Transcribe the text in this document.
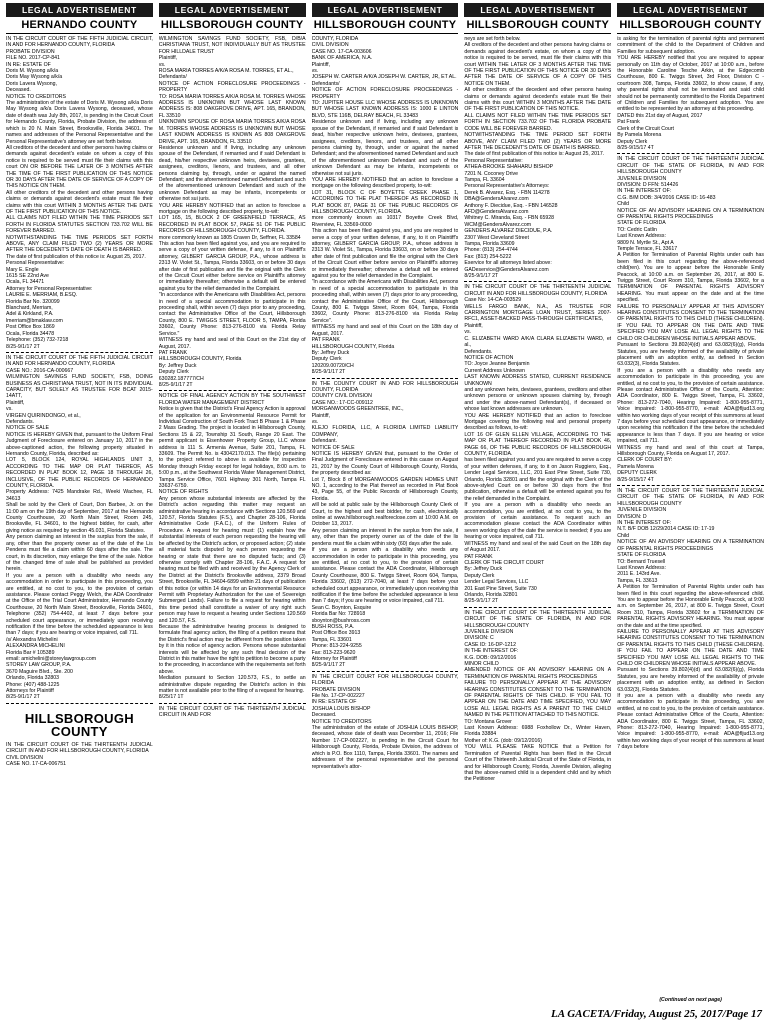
LEGAL ADVERTISEMENT
HERNANDO COUNTY

IN THE CIRCUIT COURT OF THE FIFTH JUDICIAL CIRCUIT, IN AND FOR HERNANDO COUNTY, FLORIDA
PROBATE DIVISION
FILE NO. 2017-CP-841
IN RE: ESTATE OF
Doris M. Wysong a/k/a
Doris May Wysong a/k/a
Doris Lavera Wysong,
Deceased.
NOTICE TO CREDITORS
The administration of the estate of Doris M. Wysong a/k/a Doris May Wysong a/k/a Doris Lavera Wysong, deceased, whose date of death was July 8th, 2017, is pending in the Circuit Court for Hernando County, Florida, Probate Division, the address of which is 20 N. Main Street, Brooksville, Florida 34601. The names and addresses of the Personal Representative and the Personal Representative's attorney are set forth below.
All creditors of the decedent and other persons having claims or demands against decedent's estate on whom a copy of this notice is required to be served must file their claims with this court ON OR BEFORE THE LATER OF 3 MONTHS AFTER THE TIME OF THE FIRST PUBLICATION OF THIS NOTICE OR 30 DAYS AFTER THE DATE OF SERVICE OF A COPY OF THIS NOTICE ON THEM.
All other creditors of the decedent and other persons having claims or demands against decedent's estate must file their claims with this court WITHIN 3 MONTHS AFTER THE DATE OF THE FIRST PUBLICATION OF THIS NOTICE.
ALL CLAIMS NOT FILED WITHIN THE TIME PERIODS SET FORTH IN FLORIDA STATUTES SECTION 733.702 WILL BE FOREVER BARRED.
NOTWITHSTANDING THE TIME PERIODS SET FORTH ABOVE, ANY CLAIM FILED TWO (2) YEARS OR MORE AFTER THE DECEDENT'S DATE OF DEATH IS BARRED.
The date of first publication of this notice is: August 25, 2017.
Personal Representative:
Mary E. Engle
1615 SE 22nd Ave
Ocala, FL 34471
Attorney for Personal Representative:
LAURIE E. MERRIAM, B.ESQ.
Florida Bar No. 320099
Blanchard, Merriam,
Adel & Kirkland, P.A.
lmerriam@bmaklaw.com
Post Office Box 1869
Ocala, Florida 34478
Telephone: (352) 732-7218
8/25-9/1/17 2T

IN THE CIRCUIT COURT OF THE FIFTH JUDICIAL CIRCUIT IN AND FOR HERNANDO COUNTY, FLORIDA
CASE NO.: 2016-CA-000667
WILMINGTON SAVINGS FUND SOCIETY, FSB, DOING BUSINESS AS CHRISTIANA TRUST, NOT IN ITS INDIVIDUAL CAPACITY, BUT SOLELY AS TRUSTEE FOR BCAT 2015-14ATT,
Plaintiff,
vs.
VIRGEN QUIRINDONGO, et al.,
Defendants.
NOTICE OF SALE
NOTICE IS HEREBY GIVEN that, pursuant to the Uniform Final Judgment of Foreclosure entered on January 10, 2017 in the above-captioned action, the following property situated in Hernando County, Florida, described as:
LOT 5, BLOCK 124, ROYAL HIGHLANDS UNIT 3, ACCORDING TO THE MAP OR PLAT THEREOF, AS RECORDED IN PLAT BOOK 12, PAGE 18 THROUGH 26, INCLUSIVE, OF THE PUBLIC RECORDS OF HERNANDO COUNTY, FLORIDA.
Property Address: 7425 Mandrake Rd., Weeki Wachee, FL 34613
Shall be sold by the Clerk of Court, Don Barbee, Jr. on the 11:00 am on the 19th day of September, 2017 at the Hernando County Courthouse, 20 North Main Street, Room 245, Brooksville, FL 34601, to the highest bidder, for cash, after giving notice as required by section 45.031, Florida Statutes.
Any person claiming an interest in the surplus from the sale, if any, other than the property owner as of the date of the Lis Pendens must file a claim within 60 days after the sale. The court, in its discretion, may enlarge the time of the sale. Notice of the changed time of sale shall be published as provided herein.
If you are a person with a disability who needs any accommodation in order to participate in this proceeding, you are entitled, at no cost to you, to the provision of certain assistance. Please contact Peggy Welch, the ADA Coordinator at the Office of the Trial Court Administrator, Hernando County Courthouse, 20 North Main Street, Brooksville, Florida 34601, Telephone (352) 754-4402, at least 7 days before your scheduled court appearance, or immediately upon receiving notification if the time before the scheduled appearance is less than 7 days; if you are hearing or voice impaired, call 711.
/s/ Alexandra Michelini
ALEXANDRA MICHELINI
Florida Bar # 105389
email: amichelini@storeylawgroup.com
STOREY LAW GROUP, P.A.
3670 Maguire Blvd., Ste. 200
Orlando, Florida 32803
Phone: (407) 488-1225
Attorneys for Plaintiff
8/25-9/1/17 2T

HILLSBOROUGH COUNTY

IN THE CIRCUIT COURT OF THE THIRTEENTH JUDICIAL CIRCUIT IN AND FOR HILLSBOROUGH COUNTY, FLORIDA
CIVIL DIVISION
CASE NO. 17-CA-006751

LEGAL ADVERTISEMENT
HILLSBOROUGH COUNTY

WILMINGTON SAVINGS FUND SOCIETY, FSB, D/B/A CHRISTIANA TRUST, NOT INDIVIDUALLY BUT AS TRUSTEE FOR HILLDALE TRUST
Plaintiff,
vs.
ROSA MARIA TORRES A/K/A ROSA M. TORRES, ET AL.,
Defendants/
NOTICE OF ACTION FORECLOSURE PROCEEDINGS - PROPERTY
TO: ROSA MARIA TORRES A/K/A ROSA M. TORRES WHOSE ADDRESS IS UNKNOWN BUT WHOSE LAST KNOWN ADDRESS IS: 808 OAKGROVE DRIVE, APT. 165, BRANDON, FL 33510
UNKNOWN SPOUSE OF ROSA MARIA TORRES A/K/A ROSA M. TORRES WHOSE ADDRESS IS UNKNOWN BUT WHOSE LAST KNOWN ADDRESS IS KNOWN AS 808 OAKGROVE DRIVE, APT. 165, BRANDON, FL 33510
Residence unknown and if living, including any unknown spouse of the Defendant, if remarried and if said Defendant is dead, his/her respective unknown heirs, devisees, grantees, assignees, creditors, lienors, and trustees, and all other persons claiming by, through, under or against the named Defendant; and the aforementioned named Defendant and such of the aforementioned unknown Defendant and such of the unknown Defendant as may be infants, incompetents or otherwise not sui juris.
YOU ARE HEREBY NOTIFIED that an action to foreclose a mortgage on the following described property, to-wit:
LOT 165, 15, BLOCK 2 OF GREENFIELD TERRACE, AS RECORDED IN PLAT BOOK 57, PAGE 51 OF THE PUBLIC RECORDS OF HILLSBOROUGH COUNTY, FLORIDA.
more commonly known as 1805 Craven Dr, Seffner, FL 33584
This action has been filed against you, and you are required to serve a copy of your written defense, if any, to it on Plaintiff's attorney, GILBERT GARCIA GROUP, P.A., whose address is 2313 W. Violet St., Tampa, Florida 33603, on or before 30 days after date of first publication and file the original with the Clerk of the Circuit Court either before service on Plaintiff's attorney or immediately thereafter; otherwise a default will be entered against you for the relief demanded in the Complaint.
"In accordance with the Americans with Disabilities Act, persons in need of a special accommodation to participate in this proceeding shall, within seven (7) days prior to any proceeding, contact the Administrative Office of the Court, Hillsborough County, 800 E. TWIGGS STREET, FLOOR 5, TAMPA, Florida 33602, County Phone: 813-276-8100 via Florida Relay Service."
WITNESS my hand and seal of this Court on the 21st day of August, 2017.
PAT FRANK
HILLSBOROUGH COUNTY, Florida
By: Jeffrey Duck
Deputy Clerk
630282.187777/CH
8/25-9/1/17 2T

NOTICE OF FINAL AGENCY ACTION BY THE SOUTHWEST FLORIDA WATER MANAGEMENT DISTRICT
Notice is given that the District's Final Agency Action is approval of the application for an Environmental Resource Permit for Individual Construction of South Fork Tract B Phase 1 & Phase 2 Mass Grading. The project is located in Hillsborough County, Sections 15 & 22, Township 31 South, Range 20 East. The permit applicant is Eisenhower Property Group, LLC whose address is 111 S. Armenia Avenue, Suite 201, Tampa, FL 33609. The Permit No. is 43042170.013. The file(s) pertaining to the project referred to above is available for inspection Monday through Friday except for legal holidays, 8:00 a.m. to 5:00 p.m., at the Southwest Florida Water Management District, Tampa Service Office, 7601 Highway 301 North, Tampa FL 33637-6759.
NOTICE OF RIGHTS
Any person whose substantial interests are affected by the District's action regarding this matter may request an administrative hearing in accordance with Sections 120.569 and 120.57, Florida Statutes (F.S.), and Chapter 28-106, Florida Administrative Code (F.A.C.), of the Uniform Rules of Procedure. A request for hearing must: (1) explain how the substantial interests of each person requesting the hearing will be affected by the District's action, or proposed action; (2) state all material facts disputed by each person requesting the hearing or state that there are no disputed facts; and (3) otherwise comply with Chapter 28-106, F.A.C. A request for hearing must be filed with and received by the Agency Clerk of the District at the District's Brooksville address, 2379 Broad Street, Brooksville, FL 34604-6899 within 21 days of publication of this notice (or within 14 days for an Environmental Resource Permit with Proprietary Authorization for the use of Sovereign Submerged Lands). Failure to file a request for hearing within this time period shall constitute a waiver of any right such person may have to request a hearing under Sections 120.569 and 120.57, F.S.
Because the administrative hearing process is designed to formulate final agency action, the filing of a petition means that the District's final action may be different from the position taken by it in this notice of agency action. Persons whose substantial interests will be affected by any such final decision of the District in this matter have the right to petition to become a party to the proceeding, in accordance with the requirements set forth above.
Mediation pursuant to Section 120.573, F.S., to settle an administrative dispute regarding the District's action in this matter is not available prior to the filing of a request for hearing.
8/25/17 1T

IN THE CIRCUIT COURT OF THE THIRTEENTH JUDICIAL CIRCUIT IN AND FOR

LEGAL ADVERTISEMENT
HILLSBOROUGH COUNTY

COUNTY, FLORIDA
CIVIL DIVISION
CASE NO. 17-CA-003606
BANK OF AMERICA, N.A.
Plaintiff,
vs.
JOSEPH W. CARTER A/K/A JOSEPH W. CARTER, JR, ET AL.
Defendants/
NOTICE OF ACTION FORECLOSURE PROCEEDINGS - PROPERTY
TO: JUPITER HOUSE LLC WHOSE ADDRESS IS UNKNOWN BUT WHOSE LAST KNOWN ADDRESS IS: 1000 E LINTON BLVD, STE 116B, DELRAY BEACH, FL 33483
Residence unknown and if living, including any unknown spouse of the Defendant, if remarried and if said Defendant is dead, his/her respective unknown heirs, devisees, grantees, assignees, creditors, lienors, and trustees, and all other persons claiming by, through, under or against the named Defendant; and the aforementioned named Defendant and such of the aforementioned unknown Defendant and such of the unknown Defendant as may be infants, incompetents or otherwise not sui juris.
YOU ARE HEREBY NOTIFIED that an action to foreclose a mortgage on the following described property, to-wit:
LOT 31, BLOCK C OF BOYETTE CREEK PHASE 1, ACCORDING TO THE PLAT THEREOF AS RECORDED IN PLAT BOOK 87, PAGE 31 OF THE PUBLIC RECORDS OF HILLSBOROUGH COUNTY, FLORIDA.
more commonly known as 10317 Boyette Creek Blvd, Riverview, FL 33569-0000
This action has been filed against you, and you are required to serve a copy of your written defense, if any, to it on Plaintiff's attorney, GILBERT GARCIA GROUP, P.A., whose address is 2313 W. Violet St., Tampa, Florida 33603, on or before 30 days after date of first publication and file the original with the Clerk of the Circuit Court either before service on Plaintiff's attorney or immediately thereafter; otherwise a default will be entered against you for the relief demanded in the Complaint.
"In accordance with the Americans with Disabilities Act, persons in need of a special accommodation to participate in this proceeding shall, within seven (7) days prior to any proceeding, contact the Administrative Office of the Court, Hillsborough County, 800 E. Twiggs Street, Room 604, Tampa, Florida 33602, County Phone: 813-276-8100 via Florida Relay Service".
WITNESS my hand and seal of this Court on the 18th day of August, 2017.
PAT FRANK
HILLSBOROUGH COUNTY, Florida
By: Jeffrey Duck
Deputy Clerk
120209.00720/CH
8/25-9/1/17 2T

IN THE COUNTY COURT IN AND FOR HILLSBOROUGH COUNTY, FLORIDA
COUNTY CIVIL DIVISION
CASE NO.: 17-CC-009112
MORGANWOODS GREENTREE, INC.,
Plaintiff,
vs.
KLEJO FLORIDA, LLC, A FLORIDA LIMITED LIABILITY COMPANY,
Defendant.
NOTICE OF SALE
NOTICE IS HEREBY GIVEN that, pursuant to the Order of Final Judgment of Foreclosure entered in this cause on August 21, 2017 by the County Court of Hillsborough County, Florida, the property described as:
Lot 7, Block 8 of MORGANWOODS GARDEN HOMES UNIT NO. 1, according to the Plat thereof as recorded in Plat Book 43, Page 55, of the Public Records of Hillsborough County, Florida.
will be sold at public sale by the Hillsborough County Clerk of Court, to the highest and best bidder, for cash, electronically online at www.hillsborough.realforeclose.com at 10:00 A.M. on October 13, 2017.
Any person claiming an interest in the surplus from the sale, if any, other than the property owner as of the date of the lis pendens must file a claim within sixty (60) days after the sale.
If you are a person with a disability who needs any accommodation in order to participate in this proceeding, you are entitled, at no cost to you, to the provision of certain assistance. Please contact the ADA Coordinator, Hillsborough County Courthouse, 800 E. Twiggs Street, Room 604, Tampa, Florida 33602, (813) 272-7040, at least 7 days before your scheduled court appearance, or immediately upon receiving this notification if the time before the scheduled appearance is less than 7 days; if you are hearing or voice impaired, call 711.
Sean C. Boynton, Esquire
Florida Bar No: 728918
sboynton@bushross.com
BUSH ROSS, P.A.
Post Office Box 3913
Tampa, FL 33601
Phone: 813-224-9255
Fax: 813-223-9620
Attorney for Plaintiff
8/25-9/1/17 2T

IN THE CIRCUIT COURT FOR HILLSBOROUGH COUNTY, FLORIDA
PROBATE DIVISION
File No. 17-CP-002227
IN RE: ESTATE OF
JOSHUA LOUIS BISHOP
Deceased.
NOTICE TO CREDITORS
The administration of the estate of JOSHUA LOUIS BISHOP, deceased, whose date of death was December 11, 2016; File Number 17-CP-002227, is pending in the Circuit Court for Hillsborough County, Florida, Probate Division, the address of which is P.O. Box 1110, Tampa, Florida 33601. The names and addresses of the personal representative and the personal representative's attor-

LEGAL ADVERTISEMENT
HILLSBOROUGH COUNTY

neys are set forth below.
All creditors of the decedent and other persons having claims or demands against decedent's estate, on whom a copy of this notice is required to be served, must file their claims with this court WITHIN THE LATER OF 3 MONTHS AFTER THE TIME OF THE FIRST PUBLICATION OF THIS NOTICE OR 30 DAYS AFTER THE DATE OF SERVICE OF A COPY OF THIS NOTICE ON THEM.
All other creditors of the decedent and other persons having claims or demands against decedent's estate must file their claims with this court WITHIN 3 MONTHS AFTER THE DATE OF THE FIRST PUBLICATION OF THIS NOTICE.
ALL CLAIMS NOT FILED WITHIN THE TIME PERIODS SET FORTH IN SECTION 733.702 OF THE FLORIDA PROBATE CODE WILL BE FOREVER BARRED.
NOTWITHSTANDING THE TIME PERIOD SET FORTH ABOVE, ANY CLAIM FILED TWO (2) YEARS OR MORE AFTER THE DECEDENT'S DATE OF DEATH IS BARRED.
The date of first publication of this notice is: August 25, 2017.
Personal Representative:
ATHEA-BROOKE SHAHARU BISHOP
7201 N. Coconey Drive
Tampa, FL 33604
Personal Representative's Attorneys:
Derek B. Alvarez, Esq. - FBN 114278
DBA@GendersAlvarez.com
Anthony F. Diecidue, Esq. - FBN 146528
AFD@GendersAlvarez.com
Whitney C. Miranda, Esq. - FBN 65928
WCM@GendersAlvarez.com
GENDERS ALVAREZ DIECIDUE, P.A.
2307 West Cleveland Street
Tampa, Florida 33609
Phone: (813) 254-4744
Fax: (813) 254-5222
Eservice for all attorneys listed above:
GADeservice@GendersAlvarez.com
8/25-9/1/17 2T

IN THE CIRCUIT COURT OF THE THIRTEENTH JUDICIAL CIRCUIT IN AND FOR HILLSBOROUGH COUNTY, FLORIDA
Case No: 14-CA-003529
WELLS FARGO BANK, N.A., AS TRUSTEE FOR CARRINGTON MORTGAGE LOAN TRUST, SERIES 2007-RFC1, ASSET-BACKED PASS-THROUGH CERTIFICATES,
Plaintiff,
vs.
C. ELIZABETH WARD A/K/A CLARA ELIZABETH WARD, et al.,
Defendants.
NOTICE OF ACTION
TO: Joyce Jeanne Benjamin
Current Address Unknown
LAST KNOWN ADDRESS STATED, CURRENT RESIDENCE UNKNOWN
and any unknown heirs, devisees, grantees, creditors and other unknown persons or unknown spouses claiming by, through and under the above-named Defendant(s), if deceased or whose last known addresses are unknown.
YOU ARE HEREBY NOTIFIED that an action to foreclose Mortgage covering the following real and personal property described as follows, to-wit:
LOT 16 OF GLEN ELLEN VILLAGE, ACCORDING TO THE MAP OR PLAT THEREOF RECORDED IN PLAT BOOK 46, PAGE 66, OF THE PUBLIC RECORDS OF HILLSBOROUGH COUNTY, FLORIDA.
has been filed against you and you are required to serve a copy of your written defenses, if any, to it on Jason Ruggiero, Esq., Lender Legal Services, LLC, 201 East Pine Street, Suite 730, Orlando, Florida 32801 and file the original with the Clerk of the above-styled Court on or before 30 days from the first publication, otherwise a default will be entered against you for the relief demanded in the Complaint.
If you are a person with a disability who needs an accommodation, you are entitled, at no cost to you, to the provision of certain assistance. To request such an accommodation please contact the ADA Coordinator within seven working days of the date the service is needed; if you are hearing or voice impaired, call 711.
WITNESS my hand and seal of the said Court on the 18th day of August 2017.
PAT FRANK
CLERK OF THE CIRCUIT COURT
By: Jeffrey Duck
Deputy Clerk
Lender Legal Services, LLC
201 East Pine Street, Suite 730
Orlando, Florida 32801
8/25-9/1/17 2T

IN THE CIRCUIT COURT OF THE THIRTEENTH JUDICIAL CIRCUIT OF THE STATE OF FLORIDA, IN AND FOR HILLSBOROUGH COUNTY
JUVENILE DIVISION
DIVISION: C
CASE ID: 16-DP-1212
IN THE INTEREST OF:
K.G. DOB: 09/12/2016
MINOR CHILD
AMENDED NOTICE OF AN ADVISORY HEARING ON A TERMINATION OF PARENTAL RIGHTS PROCEEDINGS
FAILURE TO PERSONALLY APPEAR AT THE ADVISORY HEARING CONSTITUTES CONSENT TO THE TERMINATION OF PARENTAL RIGHTS OF THIS CHILD. IF YOU FAIL TO APPEAR ON THE DATE AND TIME SPECIFIED, YOU MAY LOSE ALL LEGAL RIGHTS AS A PARENT TO THE CHILD NAMED IN THE PETITION ATTACHED TO THIS NOTICE.
TO: Montana Grover
Last Known Address: 6988 Foxhollow Dr., Winter Haven, Florida 33884
Mother of: K.G. (dob: 09/12/2016)
YOU WILL PLEASE TAKE NOTICE that a Petition for Termination of Parental Rights has been filed in the Circuit Court of the Thirteenth Judicial Circuit of the State of Florida, in and for Hillsborough County, Florida, Juvenile Division, alleging that the above-named child is a dependent child and by which the Petitioner

LEGAL ADVERTISEMENT
HILLSBOROUGH COUNTY

is asking for the termination of parental rights and permanent commitment of the child to the Department of Children and Families for subsequent adoption.
YOU ARE HEREBY notified that you are required to appear personally on 11th day of October, 2017 at 10:00 a.m., before the Honorable Caroline Tesche Arkin, at the Edgecomb Courthouse, 800 E. Twiggs Street, 3rd Floor, Division C - courtroom 308, Tampa, Florida 33602, to show cause, if any, why parental rights shall not be terminated and said child should not be permanently committed to the Florida Department of Children and Families for subsequent adoption. You are entitled to be represented by an attorney at this proceeding.
DATED this 21st day of August, 2017
Pat Frank
Clerk of the Circuit Court
By Pamela Morena
Deputy Clerk
8/25-9/15/17 4T

IN THE CIRCUIT COURT OF THE THIRTEENTH JUDICIAL CIRCUIT OF THE STATE OF FLORIDA, IN AND FOR HILLSBOROUGH COUNTY
JUVENILE DIVISION
DIVISION: D FFN: 514426
IN THE INTEREST OF:
C.G. B/M DOB: 3/4/2016 CASE ID: 16-483
Child
NOTICE OF AN ADVISORY HEARING ON A TERMINATION OF PARENTAL RIGHTS PROCEEDINGS
STATE OF FLORIDA
TO: Cedric Catlin
Last Known Address:
9809 N. Myrtle St., Apt A
Temple Terrace, FL 33617
A Petition for Termination of Parental Rights under oath has been filed in this court regarding the above-referenced child(ren). You are to appear before the Honorable Emily Peacock, at 10:00 a.m. on September 26, 2017, at 800 E. Twiggs Street, Court Room 310, Tampa, Florida 33602, for a TERMINATION OF PARENTAL RIGHTS ADVISORY HEARING. You must appear on the date and at the time specified.
FAILURE TO PERSONALLY APPEAR AT THIS ADVISORY HEARING CONSTITUTES CONSENT TO THE TERMINATION OF PARENTAL RIGHTS TO THIS CHILD (THESE CHILDREN). IF YOU FAIL TO APPEAR ON THE DATE AND TIME SPECIFIED YOU MAY LOSE ALL LEGAL RIGHTS TO THE CHILD OR CHILDREN WHOSE INITIALS APPEAR ABOVE.
Pursuant to Sections 39.802(4)(d) and 63.082(6)(g), Florida Statutes, you are hereby informed of the availability of private placement with an adoption entity, as defined in Section 63.032(3), Florida Statutes.
If you are a person with a disability who needs any accommodation to participate in this proceeding, you are entitled, at no cost to you, to the provision of certain assistance. Please contact Administrative Office of the Courts, Attention: ADA Coordinator, 800 E. Twiggs Street, Tampa, FL 33602, Phone: 813-272-7040, Hearing Impaired: 1-800-955-8771, Voice impaired: 1-800-955-8770, e-mail: ADA@fljud13.org within two working days of your receipt of this summons at least 7 days before your scheduled court appearance, or immediately upon receiving this notification if the time before the scheduled appearance is less than 7 days. If you are hearing or voice impaired, call 711.
WITNESS my hand and seal of this court at Tampa, Hillsborough County, Florida on August 17, 2017.
CLERK OF COURT BY:
Pamela Morena
DEPUTY CLERK
8/25-9/15/17 4T

IN THE CIRCUIT COURT OF THE THIRTEENTH JUDICIAL CIRCUIT OF THE STATE OF FLORIDA, IN AND FOR HILLSBOROUGH COUNTY
JUVENILE DIVISION
DIVISION: D
IN THE INTEREST OF:
N.T. B/F DOB 12/29/2014 CASE ID: 17-19
Child
NOTICE OF AN ADVISORY HEARING ON A TERMINATION OF PARENTAL RIGHTS PROCEEDINGS
STATE OF FLORIDA
TO: Bernard Truesell
Last Known Address:
2011 E. 143rd Ave.
Tampa, FL 33613
A Petition for Termination of Parental Rights under oath has been filed in this court regarding the above-referenced child. You are to appear before the Honorable Emily Peacock, at 9:00 a.m. on September 26, 2017, at 800 E. Twiggs Street, Court Room 310, Tampa, Florida 33602 for a TERMINATION OF PARENTAL RIGHTS ADVISORY HEARING. You must appear on the date and at the time specified.
FAILURE TO PERSONALLY APPEAR AT THIS ADVISORY HEARING CONSTITUTES CONSENT TO THE TERMINATION OF PARENTAL RIGHTS TO THIS CHILD (THESE CHILDREN). IF YOU FAIL TO APPEAR ON THE DATE AND TIME SPECIFIED YOU MAY LOSE ALL LEGAL RIGHTS TO THE CHILD OR CHILDREN WHOSE INITIALS APPEAR ABOVE.
Pursuant to Sections 39.802(4)(d) and 63.082(6)(g), Florida Statutes, you are hereby informed of the availability of private placement with an adoption entity, as defined in Section 63.032(3), Florida Statutes.
If you are a person with a disability who needs any accommodation to participate in this proceeding, you are entitled, at no cost to you, to the provision of certain assistance. Please contact Administrative Office of the Courts, Attention: ADA Coordinator, 800 E. Twiggs Street, Tampa, FL 33602, Phone: 813-272-7040, Hearing Impaired: 1-800-955-8771, Voice impaired: 1-800-955-8770, e-mail: ADA@fljud13.org within two working days of your receipt of this summons at least 7 days before

(Continued on next page)
LA GACETA/Friday, August 25, 2017/Page 17
